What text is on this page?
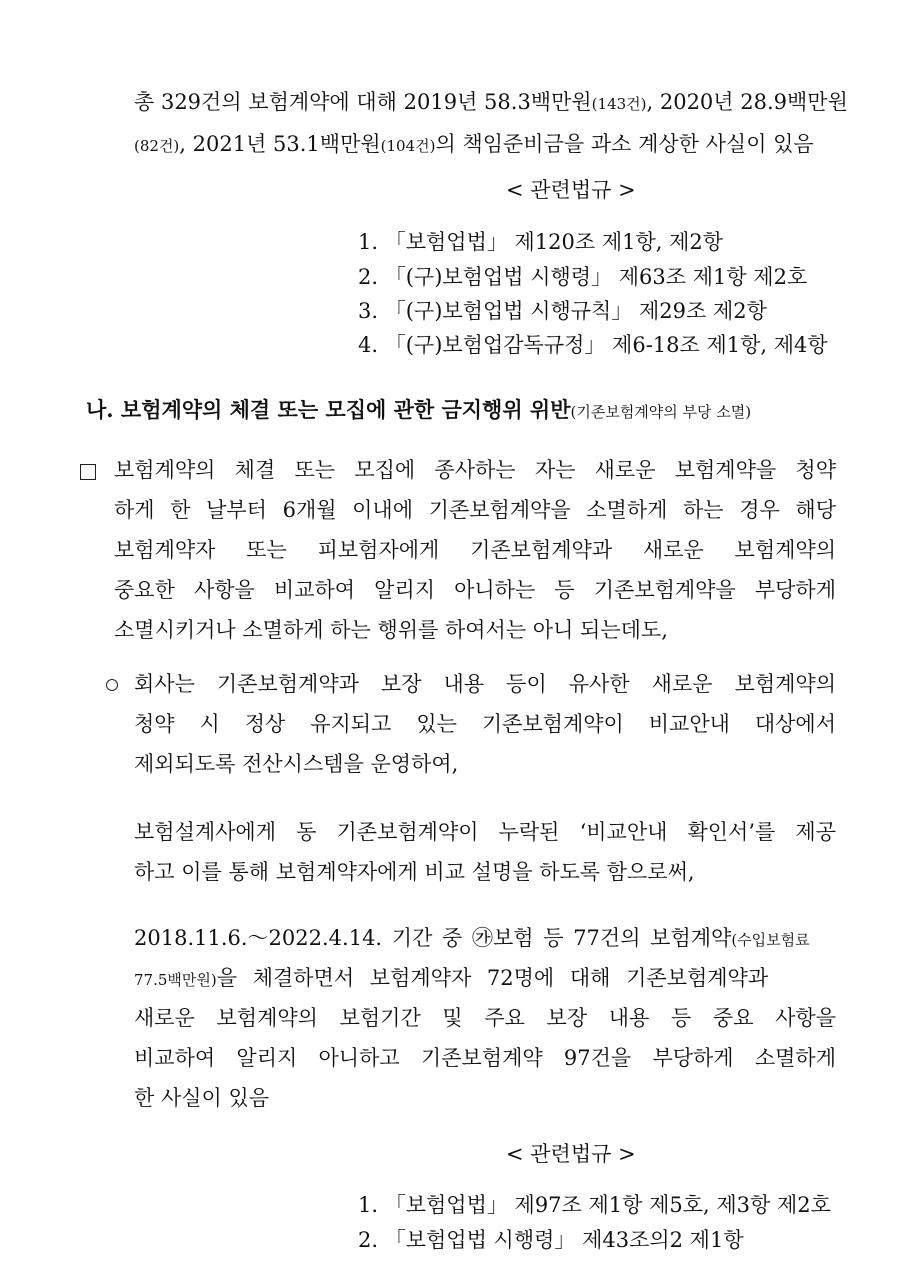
총 329건의 보험계약에 대해 2019년 58.3백만원(143건), 2020년 28.9백만원
(82건), 2021년 53.1백만원(104건)의 책임준비금을 과소 계상한 사실이 있음
< 관련법규 >
1. 「보험업법」 제120조 제1항, 제2항
2. 「(구)보험업법 시행령」 제63조 제1항 제2호
3. 「(구)보험업법 시행규칙」 제29조 제2항
4. 「(구)보험업감독규정」 제6-18조 제1항, 제4항
나. 보험계약의 체결 또는 모집에 관한 금지행위 위반(기존보험계약의 부당 소멸)
보험계약의 체결 또는 모집에 종사하는 자는 새로운 보험계약을 청약
하게 한 날부터 6개월 이내에 기존보험계약을 소멸하게 하는 경우 해당
보험계약자 또는 피보험자에게 기존보험계약과 새로운 보험계약의
중요한 사항을 비교하여 알리지 아니하는 등 기존보험계약을 부당하게
소멸시키거나 소멸하게 하는 행위를 하여서는 아니 되는데도,
회사는 기존보험계약과 보장 내용 등이 유사한 새로운 보험계약의
청약 시 정상 유지되고 있는 기존보험계약이 비교안내 대상에서
제외되도록 전산시스템을 운영하여,
보험설계사에게 동 기존보험계약이 누락된 ‘비교안내 확인서’를 제공
하고 이를 통해 보험계약자에게 비교 설명을 하도록 함으로써,
2018.11.6.～2022.4.14. 기간 중 ㉮보험 등 77건의 보험계약(수입보험료
77.5백만원)을 체결하면서 보험계약자 72명에 대해 기존보험계약과
새로운 보험계약의 보험기간 및 주요 보장 내용 등 중요 사항을
비교하여 알리지 아니하고 기존보험계약 97건을 부당하게 소멸하게
한 사실이 있음
< 관련법규 >
1. 「보험업법」 제97조 제1항 제5호, 제3항 제2호
2. 「보험업법 시행령」 제43조의2 제1항
